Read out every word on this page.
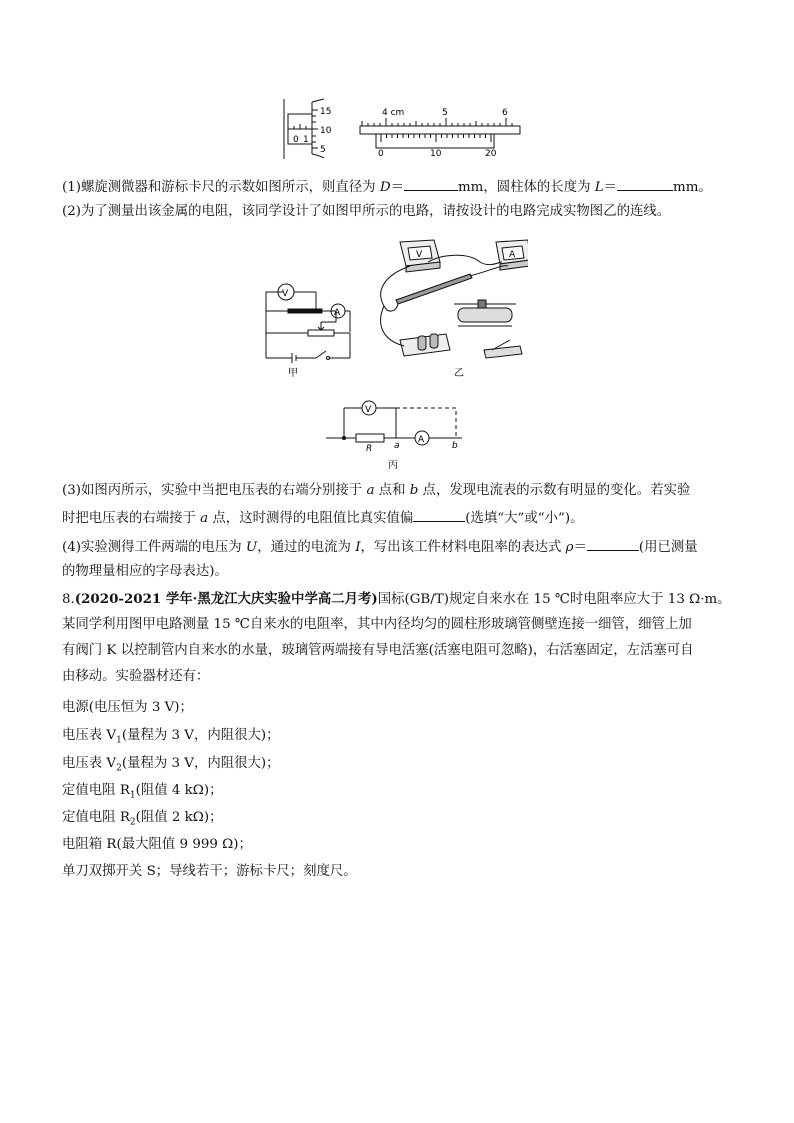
15
10
5
0 1
4 cm	5	6
0	10	20
(1)螺旋测微器和游标卡尺的示数如图所示，则直径为 D＝	mm，圆柱体的长度为 L＝	mm。
(2)为了测量出该金属的电阻，该同学设计了如图甲所示的电路，请按设计的电路完成实物图乙的连线。
V
A
甲
V	A
乙
V
A
R a	b
丙
(3)如图丙所示，实验中当把电压表的右端分别接于 a 点和 b 点，发现电流表的示数有明显的变化。若实验
时把电压表的右端接于 a 点，这时测得的电阻值比真实值偏	(选填“大”或“小”)。
(4)实验测得工件两端的电压为 U，通过的电流为 I，写出该工件材料电阻率的表达式 ρ＝	(用已测量
的物理量相应的字母表达)。
8.(2020-2021 学年·黑龙江大庆实验中学高二月考)国标(GB/T)规定自来水在 15 ℃时电阻率应大于 13 Ω·m。
某同学利用图甲电路测量 15 ℃自来水的电阻率，其中内径均匀的圆柱形玻璃管侧壁连接一细管，细管上加
有阀门 K 以控制管内自来水的水量，玻璃管两端接有导电活塞(活塞电阻可忽略)，右活塞固定，左活塞可自
由移动。实验器材还有：
电源(电压恒为 3 V)；
电压表 $V_1$(量程为 3 V，内阻很大)；
电压表 $V_2$(量程为 3 V，内阻很大)；
定值电阻 $R_1$(阻值 4 kΩ)；
定值电阻 $R_2$(阻值 2 kΩ)；
电阻箱 R(最大阻值 9 999 Ω)；
单刀双掷开关 S；导线若干；游标卡尺；刻度尺。
